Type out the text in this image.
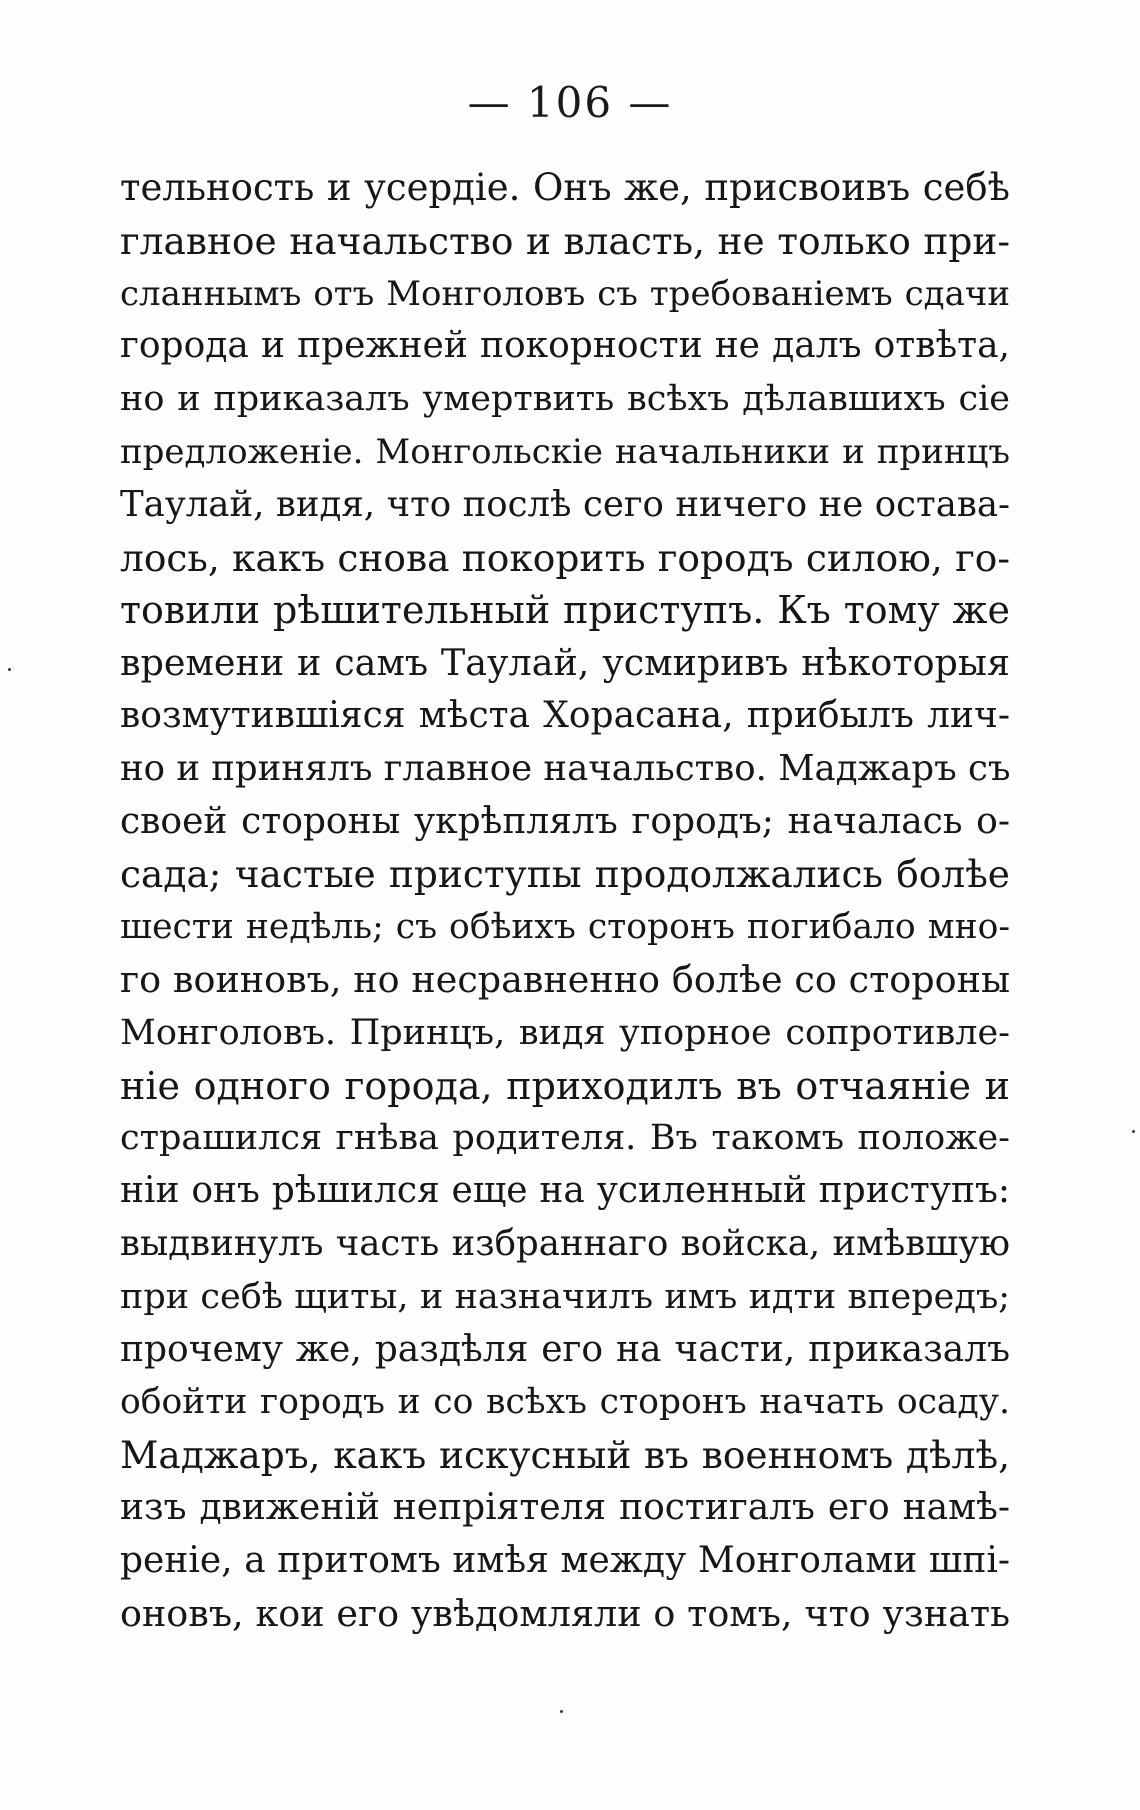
— 106 —
тельность и усердіе. Онъ же, присвоивъ себѣ
главное начальство и власть, не только при-
сланнымъ отъ Монголовъ съ требованіемъ сдачи
города и прежней покорности не далъ отвѣта,
но и приказалъ умертвить всѣхъ дѣлавшихъ сіе
предложеніе. Монгольскіе начальники и принцъ
Таулай, видя, что послѣ сего ничего не остава-
лось, какъ снова покорить городъ силою, го-
товили рѣшительный приступъ. Къ тому же
времени и самъ Таулай, усмиривъ нѣкоторыя
возмутившіяся мѣста Хорасана, прибылъ лич-
но и принялъ главное начальство. Маджаръ съ
своей стороны укрѣплялъ городъ; началась о-
сада; частые приступы продолжались болѣе
шести недѣль; съ обѣихъ сторонъ погибало мно-
го воиновъ, но несравненно болѣе со стороны
Монголовъ. Принцъ, видя упорное сопротивле-
ніе одного города, приходилъ въ отчаяніе и
страшился гнѣва родителя. Въ такомъ положе-
ніи онъ рѣшился еще на усиленный приступъ:
выдвинулъ часть избраннаго войска, имѣвшую
при себѣ щиты, и назначилъ имъ идти впередъ;
прочему же, раздѣля его на части, приказалъ
обойти городъ и со всѣхъ сторонъ начать осаду.
Маджаръ, какъ искусный въ военномъ дѣлѣ,
изъ движеній непріятеля постигалъ его намѣ-
реніе, а притомъ имѣя между Монголами шпі-
оновъ, кои его увѣдомляли о томъ, что узнать
